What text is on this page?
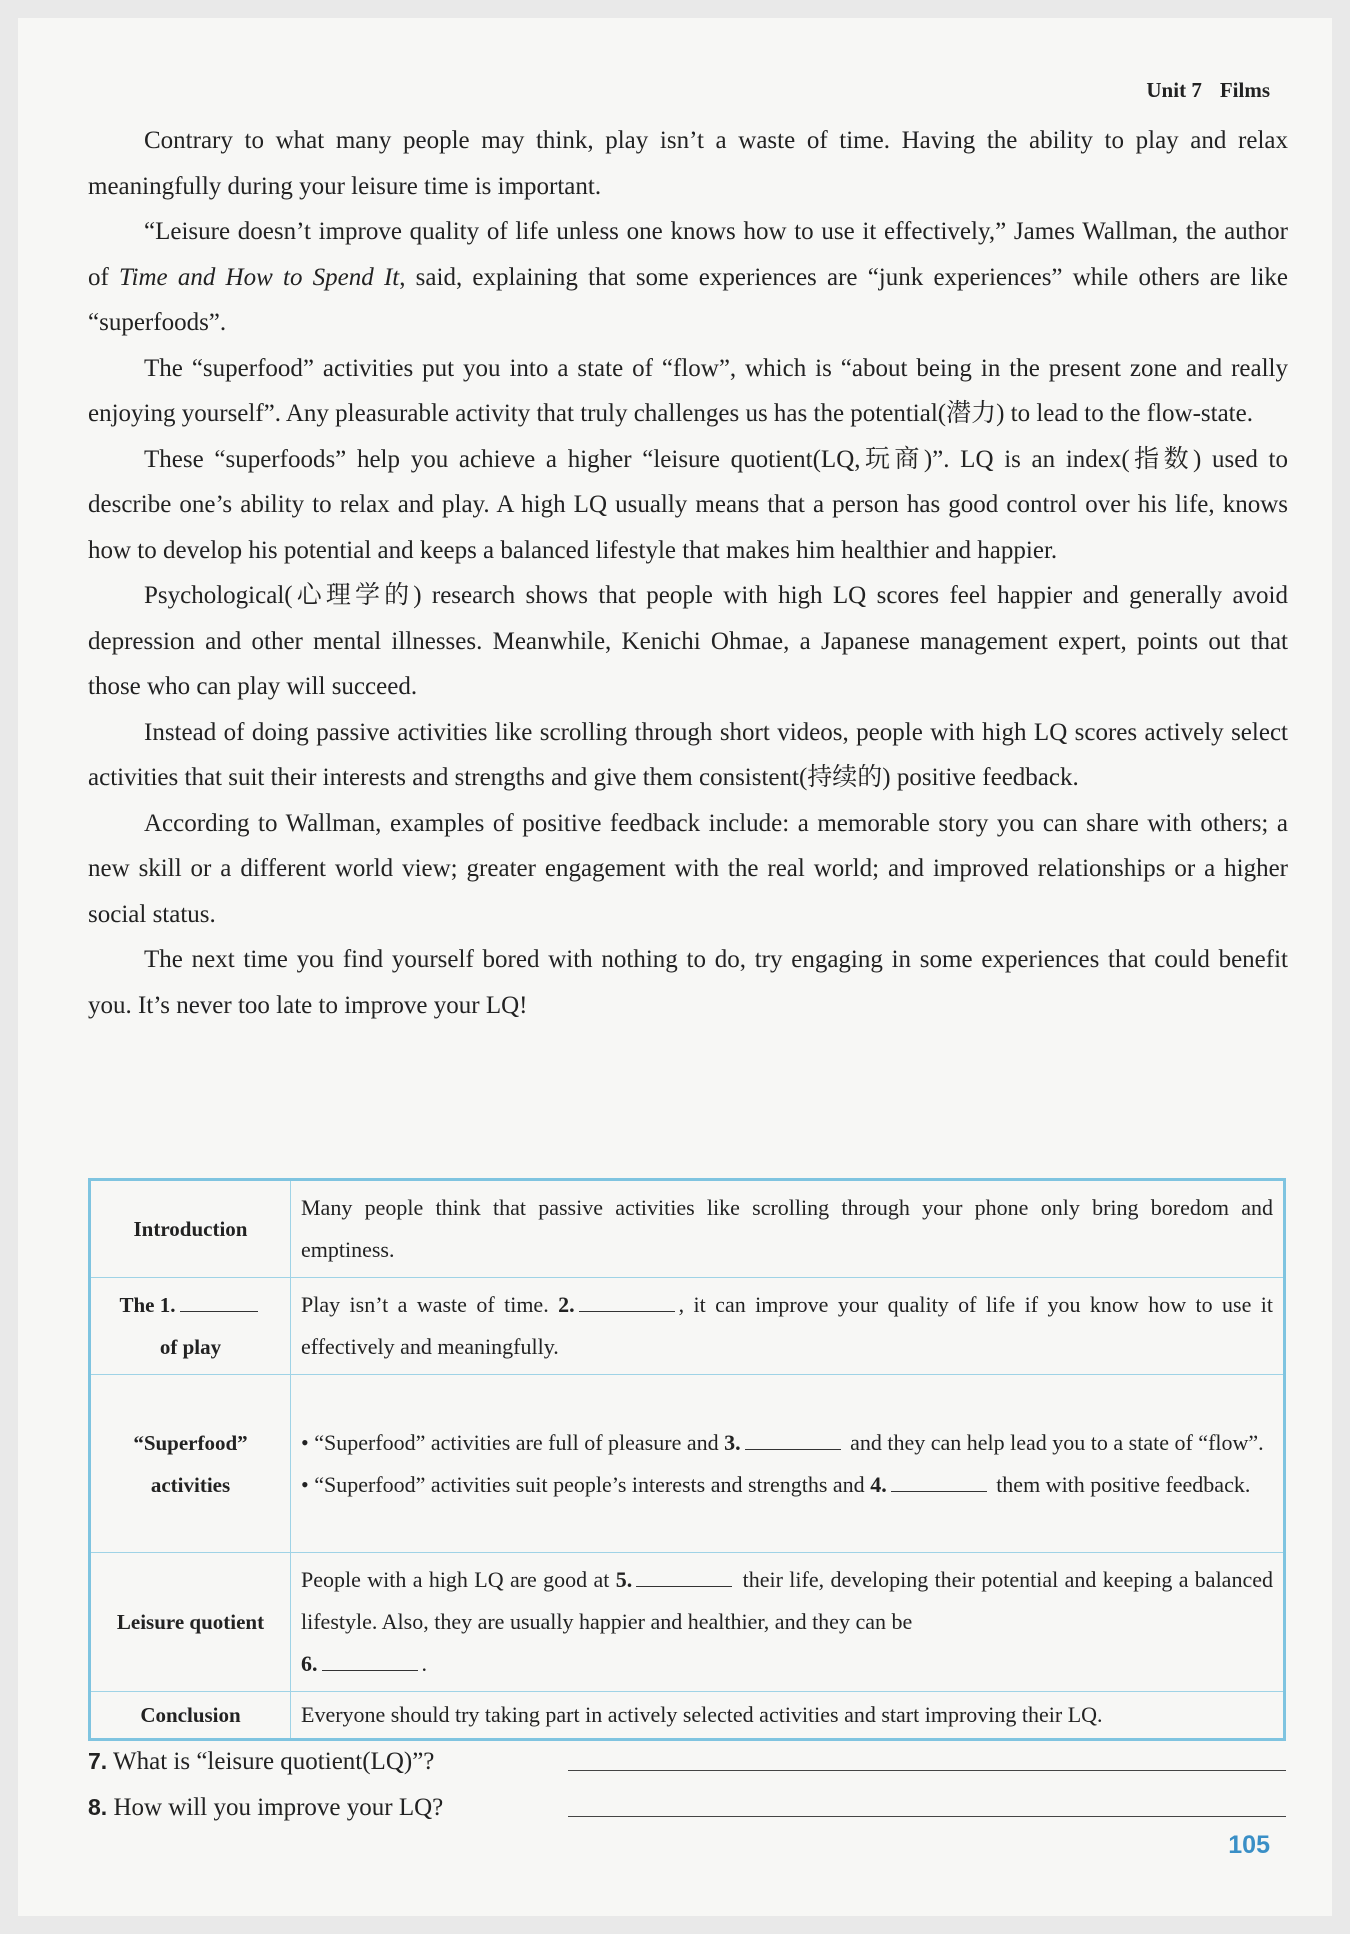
Unit 7 Films

Contrary to what many people may think, play isn’t a waste of time. Having the ability to play and relax meaningfully during your leisure time is important.

“Leisure doesn’t improve quality of life unless one knows how to use it effectively,” James Wallman, the author of Time and How to Spend It, said, explaining that some experiences are “junk experiences” while others are like “superfoods”.

The “superfood” activities put you into a state of “flow”, which is “about being in the present zone and really enjoying yourself”. Any pleasurable activity that truly challenges us has the potential(潜力) to lead to the flow-state.

These “superfoods” help you achieve a higher “leisure quotient(LQ,玩商)”. LQ is an index(指数) used to describe one’s ability to relax and play. A high LQ usually means that a person has good control over his life, knows how to develop his potential and keeps a balanced lifestyle that makes him healthier and happier.

Psychological(心理学的) research shows that people with high LQ scores feel happier and generally avoid depression and other mental illnesses. Meanwhile, Kenichi Ohmae, a Japanese management expert, points out that those who can play will succeed.

Instead of doing passive activities like scrolling through short videos, people with high LQ scores actively select activities that suit their interests and strengths and give them consistent(持续的) positive feedback.

According to Wallman, examples of positive feedback include: a memorable story you can share with others; a new skill or a different world view; greater engagement with the real world; and improved relationships or a higher social status.

The next time you find yourself bored with nothing to do, try engaging in some experiences that could benefit you. It’s never too late to improve your LQ!

Introduction	Many people think that passive activities like scrolling through your phone only bring boredom and emptiness.
The 1.
of play	Play isn’t a waste of time. 2. , it can improve your quality of life if you know how to use it effectively and meaningfully.
“Superfood”
activities	• “Superfood” activities are full of pleasure and 3. and they can help lead you to a state of “flow”.
• “Superfood” activities suit people’s interests and strengths and 4. them with positive feedback.

Leisure quotient	People with a high LQ are good at 5. their life, developing their potential and keeping a balanced lifestyle. Also, they are usually happier and healthier, and they can be
6. .
Conclusion	Everyone should try taking part in actively selected activities and start improving their LQ.
7. What is “leisure quotient(LQ)”?
8. How will you improve your LQ?
105
